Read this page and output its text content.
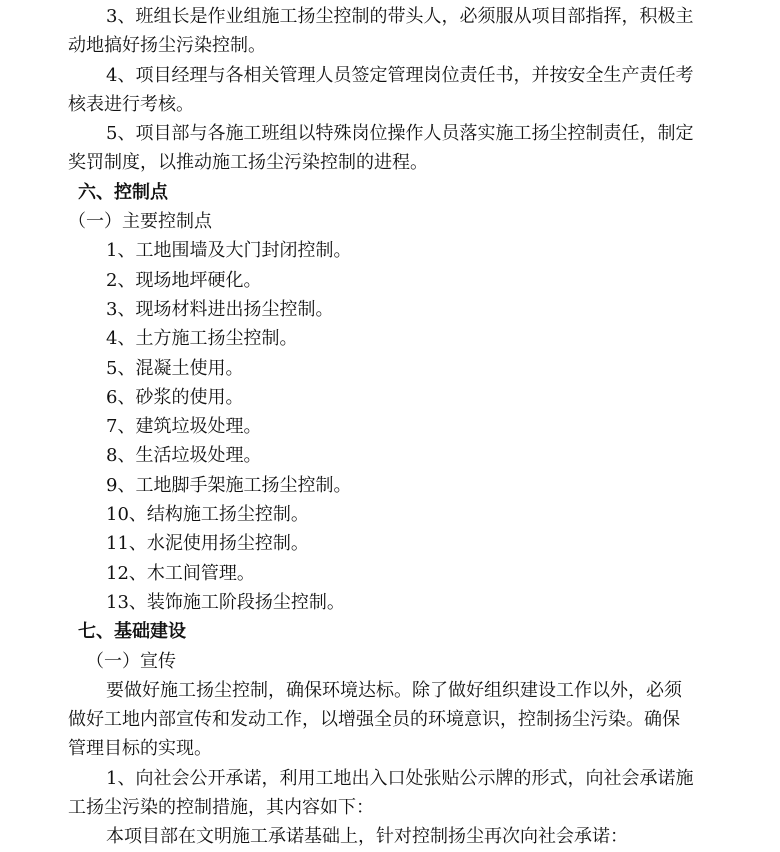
3、班组长是作业组施工扬尘控制的带头人，必须服从项目部指挥，积极主
动地搞好扬尘污染控制。
4、项目经理与各相关管理人员签定管理岗位责任书，并按安全生产责任考
核表进行考核。
5、项目部与各施工班组以特殊岗位操作人员落实施工扬尘控制责任，制定
奖罚制度，以推动施工扬尘污染控制的进程。
六、控制点
（一）主要控制点
1、工地围墙及大门封闭控制。
2、现场地坪硬化。
3、现场材料进出扬尘控制。
4、土方施工扬尘控制。
5、混凝土使用。
6、砂浆的使用。
7、建筑垃圾处理。
8、生活垃圾处理。
9、工地脚手架施工扬尘控制。
10、结构施工扬尘控制。
11、水泥使用扬尘控制。
12、木工间管理。
13、装饰施工阶段扬尘控制。
七、基础建设
（一）宣传
要做好施工扬尘控制，确保环境达标。除了做好组织建设工作以外，必须
做好工地内部宣传和发动工作，以增强全员的环境意识，控制扬尘污染。确保
管理目标的实现。
1、向社会公开承诺，利用工地出入口处张贴公示牌的形式，向社会承诺施
工扬尘污染的控制措施，其内容如下：
本项目部在文明施工承诺基础上，针对控制扬尘再次向社会承诺：
